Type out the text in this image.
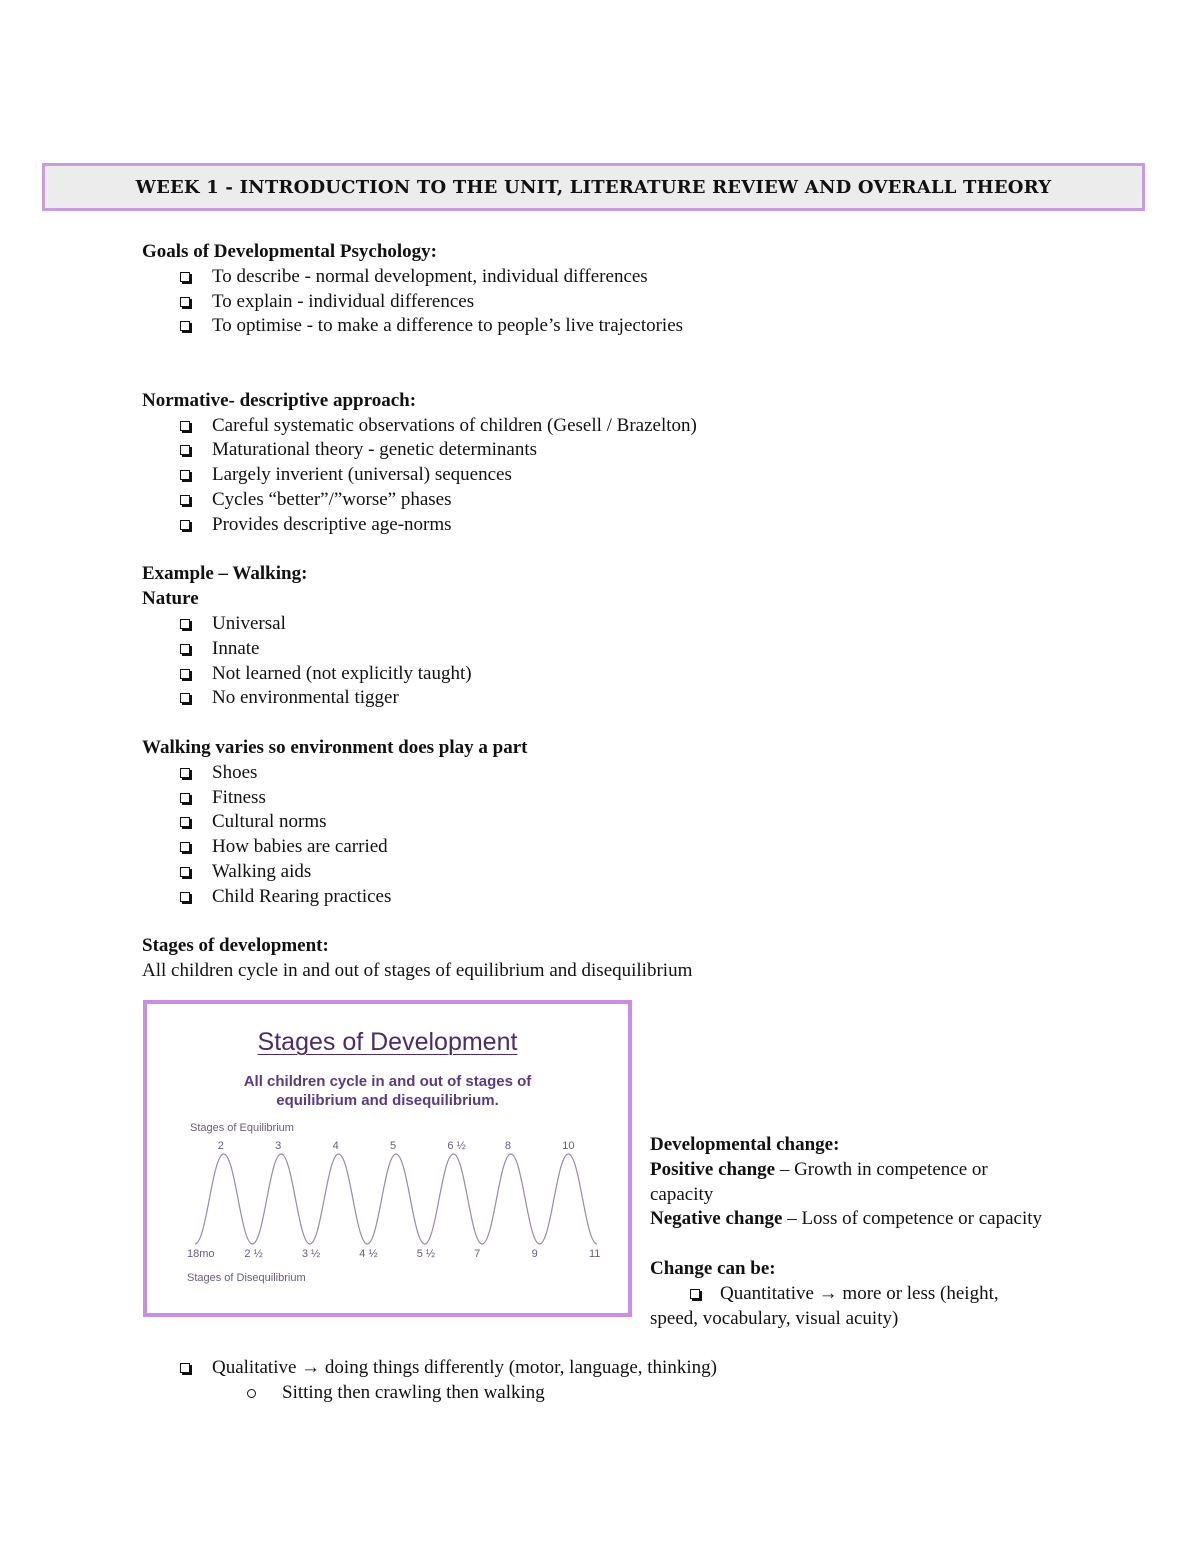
WEEK 1 - INTRODUCTION TO THE UNIT, LITERATURE REVIEW AND OVERALL THEORY
Goals of Developmental Psychology:
To describe - normal development, individual differences
To explain - individual differences
To optimise - to make a difference to people’s live trajectories
Normative- descriptive approach:
Careful systematic observations of children (Gesell / Brazelton)
Maturational theory - genetic determinants
Largely inverient (universal) sequences
Cycles “better”/”worse” phases
Provides descriptive age-norms
Example – Walking:
Nature
Universal
Innate
Not learned (not explicitly taught)
No environmental tigger
Walking varies so environment does play a part
Shoes
Fitness
Cultural norms
How babies are carried
Walking aids
Child Rearing practices
Stages of development:
All children cycle in and out of stages of equilibrium and disequilibrium
Stages of Development
All children cycle in and out of stages of
equilibrium and disequilibrium.
Stages of Equilibrium
Stages of Disequilibrium
2	3	4	5	6 ½	8	10
18mo	2 ½	3 ½	4 ½	5 ½	7	9	11
Developmental change:
Positive change – Growth in competence or capacity
Negative change – Loss of competence or capacity
Change can be:
Quantitative → more or less (height, speed, vocabulary, visual acuity)
Qualitative → doing things differently (motor, language, thinking)
Sitting then crawling then walking
